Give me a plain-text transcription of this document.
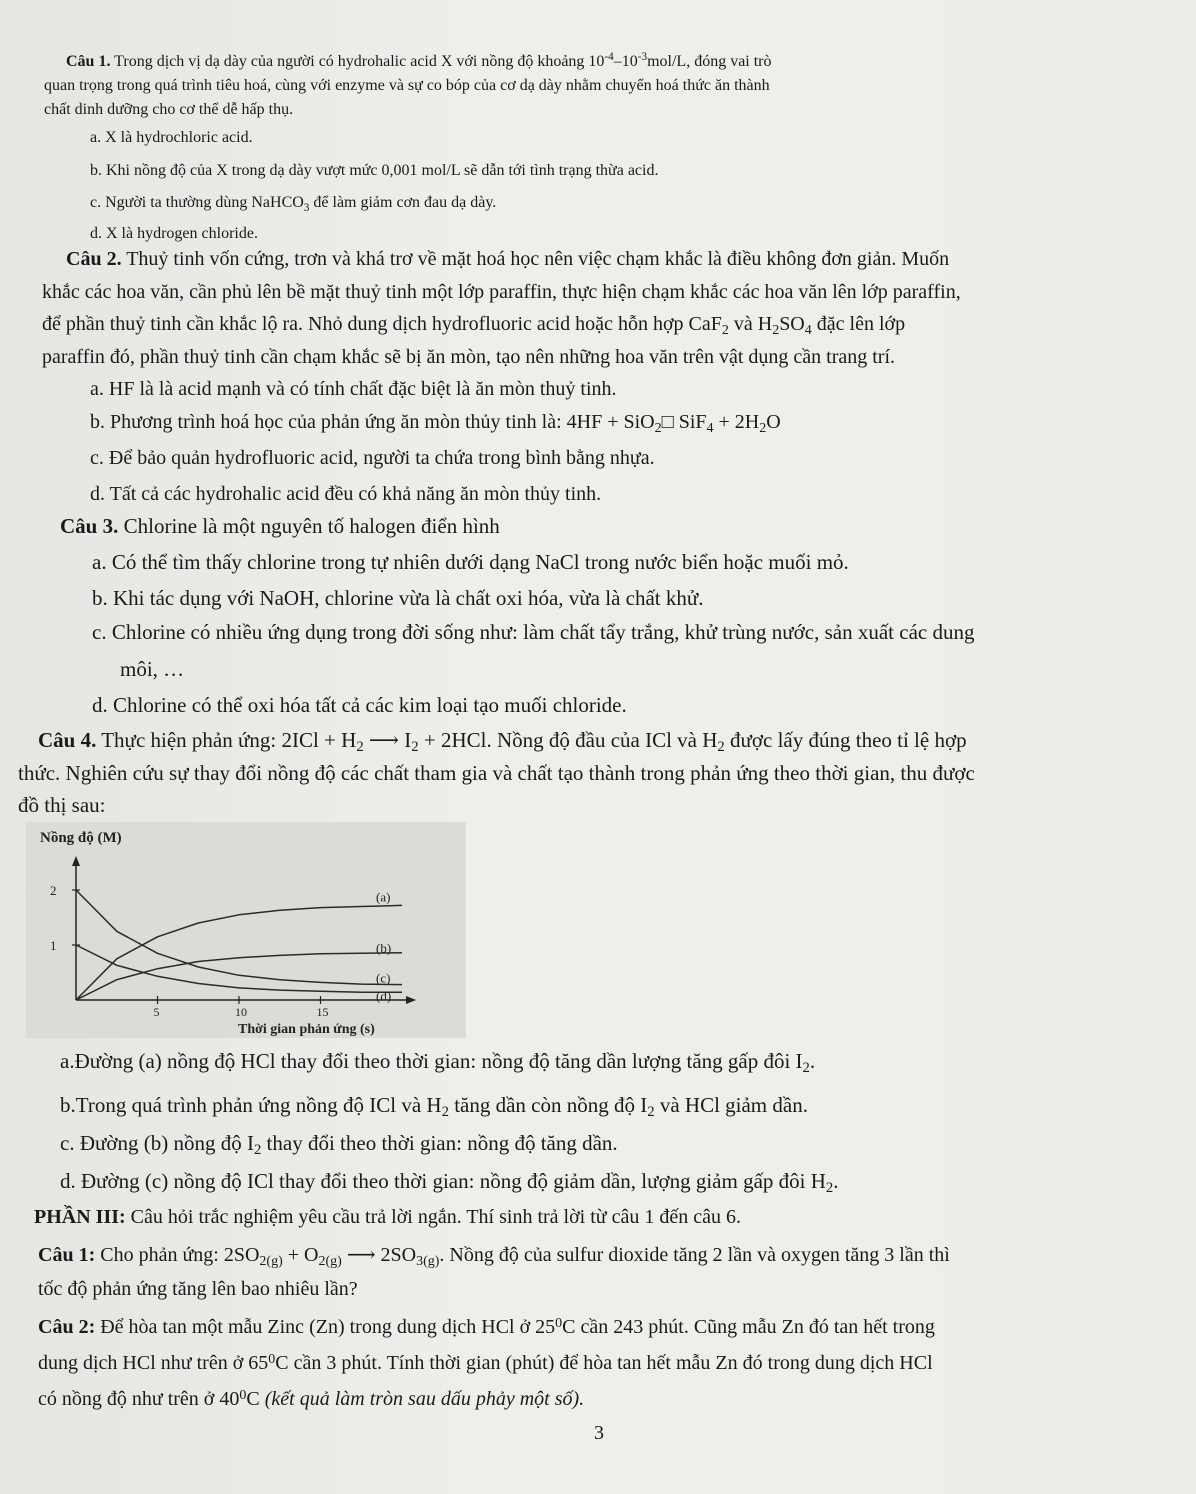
Câu 1. Trong dịch vị dạ dày của người có hydrohalic acid X với nồng độ khoảng $10^{-4}-10^{-3}mol/L$, đóng vai trò
quan trọng trong quá trình tiêu hoá, cùng với enzyme và sự co bóp của cơ dạ dày nhằm chuyển hoá thức ăn thành
chất dinh dưỡng cho cơ thể dễ hấp thụ.
a. X là hydrochloric acid.
b. Khi nồng độ của X trong dạ dày vượt mức 0,001 mol/L sẽ dẫn tới tình trạng thừa acid.
c. Người ta thường dùng NaHCO$_3$ để làm giảm cơn đau dạ dày.
d. X là hydrogen chloride.
Câu 2. Thuỷ tinh vốn cứng, trơn và khá trơ về mặt hoá học nên việc chạm khắc là điều không đơn giản. Muốn
khắc các hoa văn, cần phủ lên bề mặt thuỷ tinh một lớp paraffin, thực hiện chạm khắc các hoa văn lên lớp paraffin,
để phần thuỷ tinh cần khắc lộ ra. Nhỏ dung dịch hydrofluoric acid hoặc hỗn hợp CaF$_2$ và $H_2SO_4$ đặc lên lớp
paraffin đó, phần thuỷ tinh cần chạm khắc sẽ bị ăn mòn, tạo nên những hoa văn trên vật dụng cần trang trí.
a. HF là là acid mạnh và có tính chất đặc biệt là ăn mòn thuỷ tinh.
b. Phương trình hoá học của phản ứng ăn mòn thủy tinh là: 4HF + SiO$_2$□ $SiF_4 + 2H_2O$
c. Để bảo quản hydrofluoric acid, người ta chứa trong bình bằng nhựa.
d. Tất cả các hydrohalic acid đều có khả năng ăn mòn thủy tinh.
Câu 3. Chlorine là một nguyên tố halogen điển hình
a. Có thể tìm thấy chlorine trong tự nhiên dưới dạng NaCl trong nước biển hoặc muối mỏ.
b. Khi tác dụng với NaOH, chlorine vừa là chất oxi hóa, vừa là chất khử.
c. Chlorine có nhiều ứng dụng trong đời sống như: làm chất tẩy trắng, khử trùng nước, sản xuất các dung
môi, …
d. Chlorine có thể oxi hóa tất cả các kim loại tạo muối chloride.
Câu 4. Thực hiện phản ứng: $2ICl + H_2$ ⟶ $I_2 + 2HCl$. Nồng độ đầu của ICl và $H_2$ được lấy đúng theo tỉ lệ hợp
thức. Nghiên cứu sự thay đổi nồng độ các chất tham gia và chất tạo thành trong phản ứng theo thời gian, thu được
đồ thị sau:
2
1
5	10	15
(a)
(b)
(c)
(d)
Nồng độ (M)
Thời gian phản ứng (s)
a.Đường (a) nồng độ HCl thay đổi theo thời gian: nồng độ tăng dần lượng tăng gấp đôi $I_2$.
b.Trong quá trình phản ứng nồng độ ICl và $H_2$ tăng dần còn nồng độ $I_2$ và HCl giảm dần.
c. Đường (b) nồng độ $I_2$ thay đổi theo thời gian: nồng độ tăng dần.
d. Đường (c) nồng độ ICl thay đổi theo thời gian: nồng độ giảm dần, lượng giảm gấp đôi $H_2$.
PHẦN III: Câu hỏi trắc nghiệm yêu cầu trả lời ngắn. Thí sinh trả lời từ câu 1 đến câu 6.
Câu 1: Cho phản ứng: $2SO_{2(g)} + O_{2(g)}$ ⟶ $2SO_{3(g)}$. Nồng độ của sulfur dioxide tăng 2 lần và oxygen tăng 3 lần thì
tốc độ phản ứng tăng lên bao nhiêu lần?
Câu 2: Để hòa tan một mẫu Zinc (Zn) trong dung dịch HCl ở $25^0C$ cần 243 phút. Cũng mẫu Zn đó tan hết trong
dung dịch HCl như trên ở $65^0C$ cần 3 phút. Tính thời gian (phút) để hòa tan hết mẫu Zn đó trong dung dịch HCl
có nồng độ như trên ở $40^0C$ (kết quả làm tròn sau dấu phảy một số).
3
